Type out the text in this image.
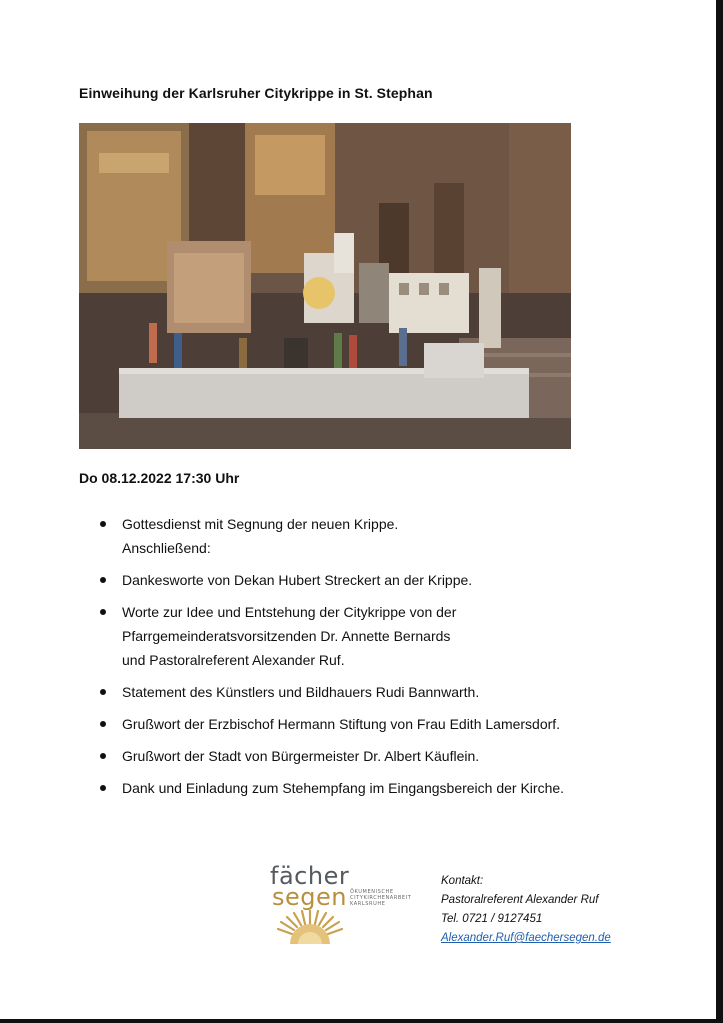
Einweihung der Karlsruher Citykrippe in St. Stephan
Do 08.12.2022 17:30 Uhr
Gottesdienst mit Segnung der neuen Krippe.
Anschließend:
Dankesworte von Dekan Hubert Streckert an der Krippe.
Worte zur Idee und Entstehung der Citykrippe von der
Pfarrgemeinderatsvorsitzenden Dr. Annette Bernards
und Pastoralreferent Alexander Ruf.
Statement des Künstlers und Bildhauers Rudi Bannwarth.
Grußwort der Erzbischof Hermann Stiftung von Frau Edith Lamersdorf.
Grußwort der Stadt von Bürgermeister Dr. Albert Käuflein.
Dank und Einladung zum Stehempfang im Eingangsbereich der Kirche.
fächer
segen ÖKUMENISCHE
CITYKIRCHENARBEIT
KARLSRUHE
Kontakt:
Pastoralreferent Alexander Ruf
Tel. 0721 / 9127451
Alexander.Ruf@faechersegen.de
